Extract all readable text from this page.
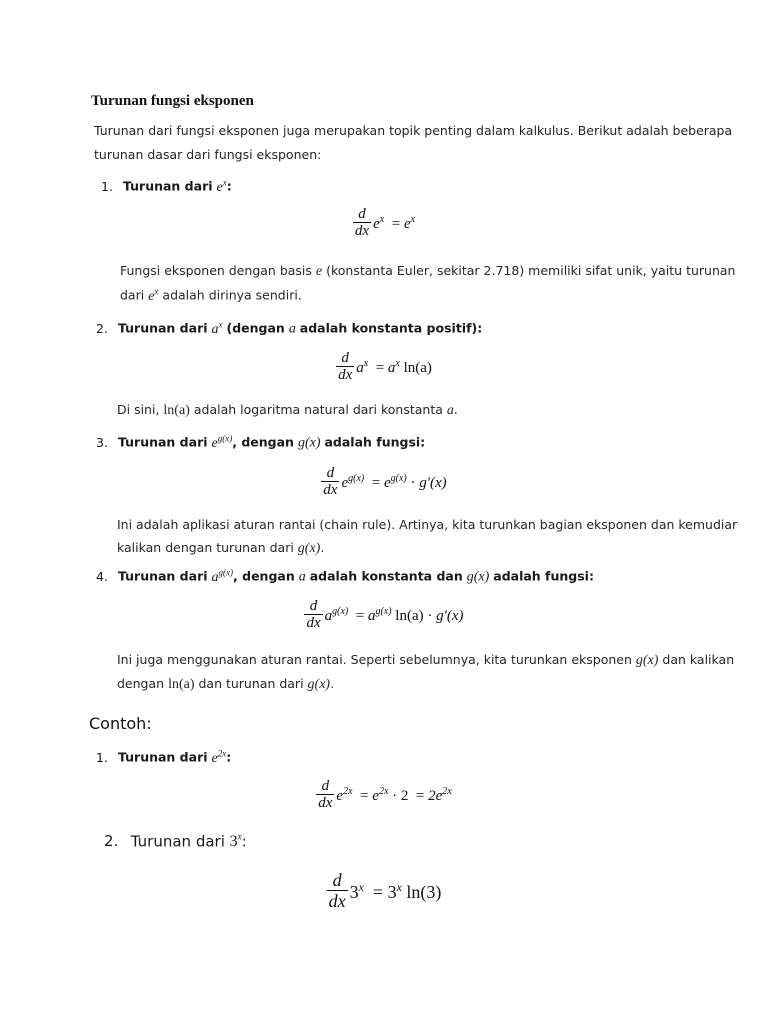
Turunan fungsi eksponen
Turunan dari fungsi eksponen juga merupakan topik penting dalam kalkulus. Berikut adalah beberapa
turunan dasar dari fungsi eksponen:
1. Turunan dari $e^x$:
$\frac{d}{dx} e^x = e^x$
Fungsi eksponen dengan basis e (konstanta Euler, sekitar 2.718) memiliki sifat unik, yaitu turunan
dari $e^x$ adalah dirinya sendiri.
2. Turunan dari $a^x$ (dengan a adalah konstanta positif):
$\frac{d}{dx} a^x = a^x$ ln(a)
Di sini, ln(a) adalah logaritma natural dari konstanta a.
3. Turunan dari $e^{g(x)}$, dengan g(x) adalah fungsi:
$\frac{d}{dx} e^{g(x)} = e^{g(x)} \cdot g'(x)$
Ini adalah aplikasi aturan rantai (chain rule). Artinya, kita turunkan bagian eksponen dan kemudiar
kalikan dengan turunan dari g(x).
4. Turunan dari $a^{g(x)}$, dengan a adalah konstanta dan g(x) adalah fungsi:
$\frac{d}{dx} a^{g(x)} = a^{g(x)}$ ln(a) · g′(x)
Ini juga menggunakan aturan rantai. Seperti sebelumnya, kita turunkan eksponen g(x) dan kalikan
dengan ln(a) dan turunan dari g(x).
Contoh:
1. Turunan dari $e^{2x}$:
$\frac{d}{dx} e^{2x} = e^{2x} \cdot 2 = 2e^{2x}$
2. Turunan dari 3$^x$:
$\frac{d}{dx} 3^x = 3^x$ ln(3)
